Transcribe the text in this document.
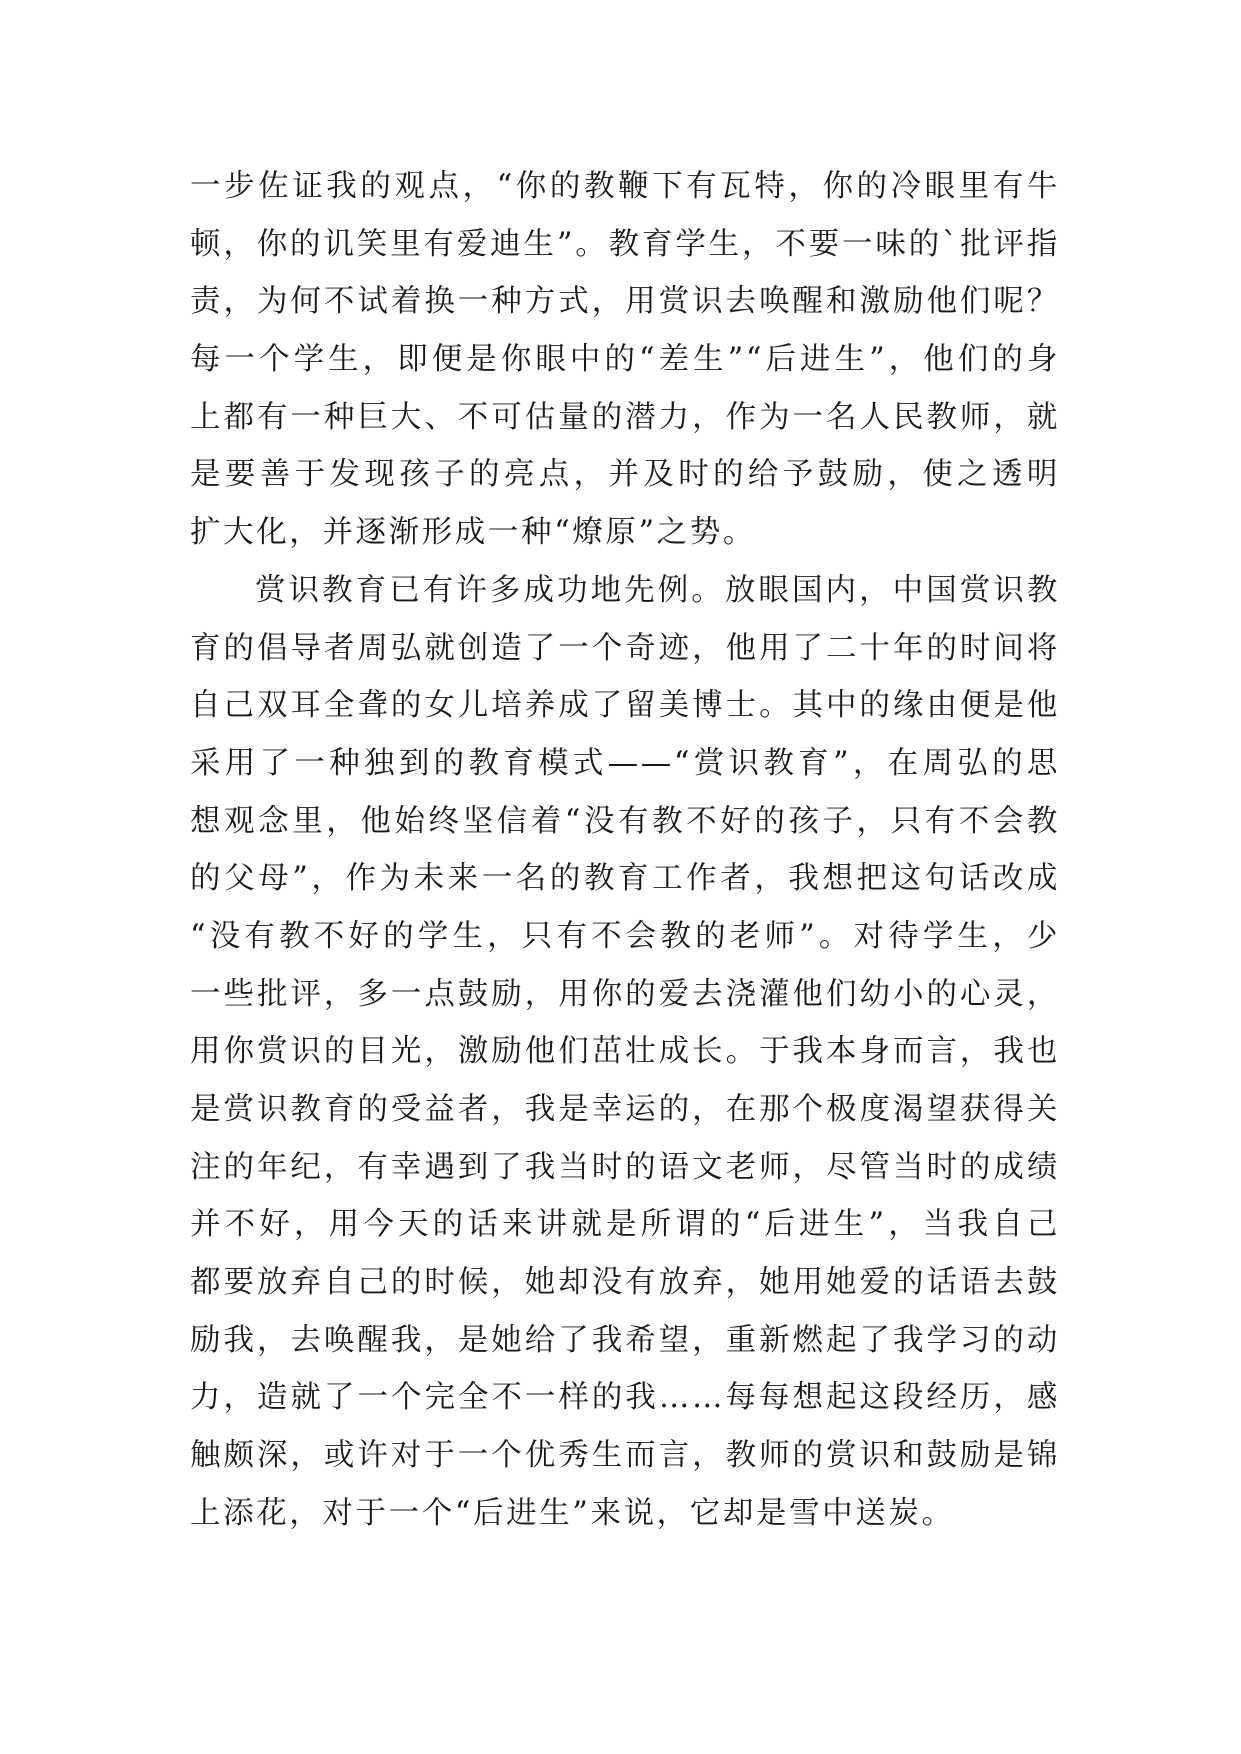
一步佐证我的观点，“你的教鞭下有瓦特，你的冷眼里有牛
顿，你的讥笑里有爱迪生”。教育学生，不要一味的`批评指
责，为何不试着换一种方式，用赏识去唤醒和激励他们呢？
每一个学生，即便是你眼中的“差生”“后进生”，他们的身
上都有一种巨大、不可估量的潜力，作为一名人民教师，就
是要善于发现孩子的亮点，并及时的给予鼓励，使之透明
扩大化，并逐渐形成一种“燎原”之势。
赏识教育已有许多成功地先例。放眼国内，中国赏识教
育的倡导者周弘就创造了一个奇迹，他用了二十年的时间将
自己双耳全聋的女儿培养成了留美博士。其中的缘由便是他
采用了一种独到的教育模式——“赏识教育”，在周弘的思
想观念里，他始终坚信着“没有教不好的孩子，只有不会教
的父母”，作为未来一名的教育工作者，我想把这句话改成
“没有教不好的学生，只有不会教的老师”。对待学生，少
一些批评，多一点鼓励，用你的爱去浇灌他们幼小的心灵，
用你赏识的目光，激励他们茁壮成长。于我本身而言，我也
是赏识教育的受益者，我是幸运的，在那个极度渴望获得关
注的年纪，有幸遇到了我当时的语文老师，尽管当时的成绩
并不好，用今天的话来讲就是所谓的“后进生”，当我自己
都要放弃自己的时候，她却没有放弃，她用她爱的话语去鼓
励我，去唤醒我，是她给了我希望，重新燃起了我学习的动
力，造就了一个完全不一样的我……每每想起这段经历，感
触颇深，或许对于一个优秀生而言，教师的赏识和鼓励是锦
上添花，对于一个“后进生”来说，它却是雪中送炭。
